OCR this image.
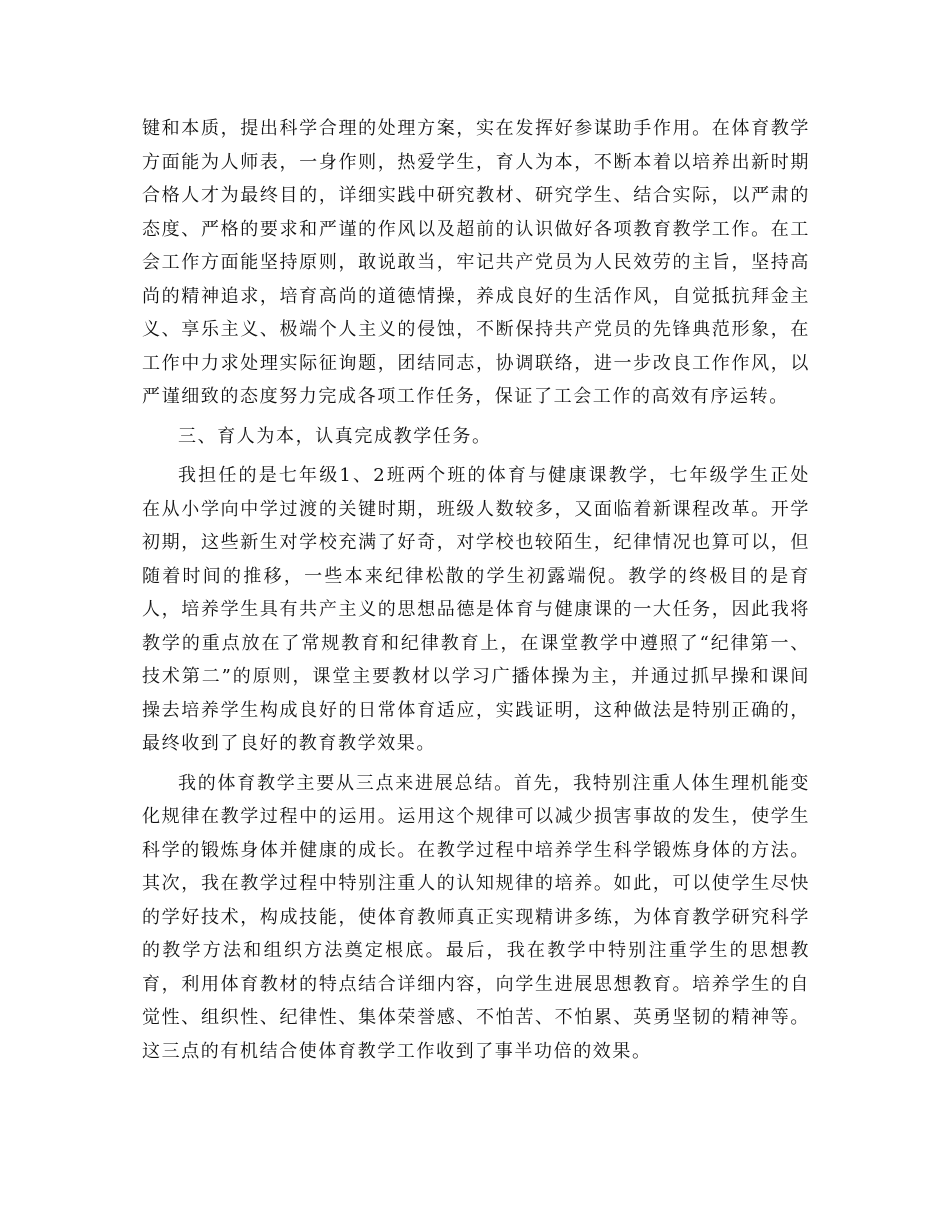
键和本质，提出科学合理的处理方案，实在发挥好参谋助手作用。在体育教学方面能为人师表，一身作则，热爱学生，育人为本，不断本着以培养出新时期合格人才为最终目的，详细实践中研究教材、研究学生、结合实际，以严肃的态度、严格的要求和严谨的作风以及超前的认识做好各项教育教学工作。在工会工作方面能坚持原则，敢说敢当，牢记共产党员为人民效劳的主旨，坚持高尚的精神追求，培育高尚的道德情操，养成良好的生活作风，自觉抵抗拜金主义、享乐主义、极端个人主义的侵蚀，不断保持共产党员的先锋典范形象，在工作中力求处理实际征询题，团结同志，协调联络，进一步改良工作作风，以严谨细致的态度努力完成各项工作任务，保证了工会工作的高效有序运转。

三、育人为本，认真完成教学任务。

我担任的是七年级1、2班两个班的体育与健康课教学，七年级学生正处在从小学向中学过渡的关键时期，班级人数较多，又面临着新课程改革。开学初期，这些新生对学校充满了好奇，对学校也较陌生，纪律情况也算可以，但随着时间的推移，一些本来纪律松散的学生初露端倪。教学的终极目的是育人，培养学生具有共产主义的思想品德是体育与健康课的一大任务，因此我将教学的重点放在了常规教育和纪律教育上，在课堂教学中遵照了“纪律第一、技术第二”的原则，课堂主要教材以学习广播体操为主，并通过抓早操和课间操去培养学生构成良好的日常体育适应，实践证明，这种做法是特别正确的，最终收到了良好的教育教学效果。

我的体育教学主要从三点来进展总结。首先，我特别注重人体生理机能变化规律在教学过程中的运用。运用这个规律可以减少损害事故的发生，使学生科学的锻炼身体并健康的成长。在教学过程中培养学生科学锻炼身体的方法。其次，我在教学过程中特别注重人的认知规律的培养。如此，可以使学生尽快的学好技术，构成技能，使体育教师真正实现精讲多练，为体育教学研究科学的教学方法和组织方法奠定根底。最后，我在教学中特别注重学生的思想教育，利用体育教材的特点结合详细内容，向学生进展思想教育。培养学生的自觉性、组织性、纪律性、集体荣誉感、不怕苦、不怕累、英勇坚韧的精神等。这三点的有机结合使体育教学工作收到了事半功倍的效果。
